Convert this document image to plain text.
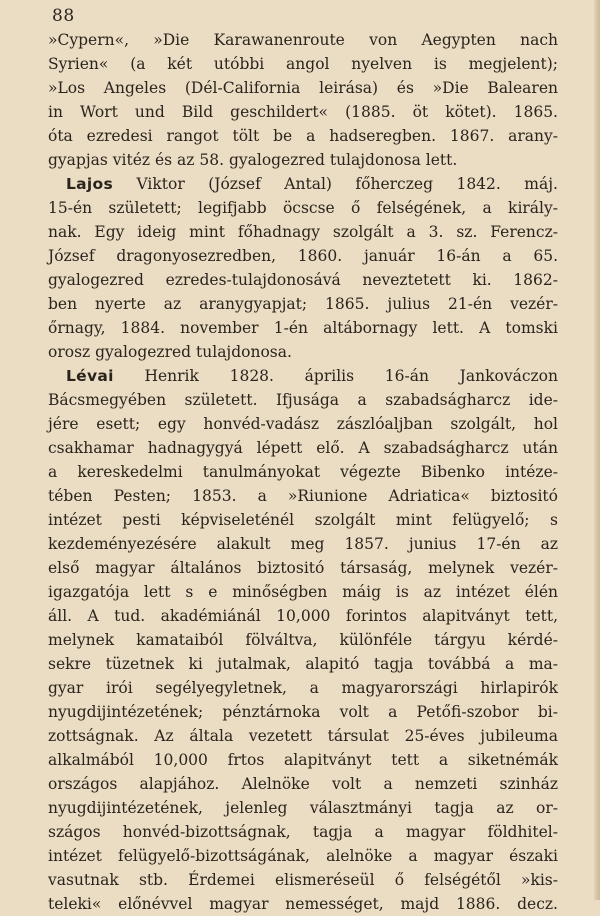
88
»Cypern«, »Die Karawanenroute von Aegypten nach
Syrien« (a két utóbbi angol nyelven is megjelent);
»Los Angeles (Dél-California leirása) és »Die Balearen
in Wort und Bild geschildert« (1885. öt kötet). 1865.
óta ezredesi rangot tölt be a hadseregben. 1867. arany-
gyapjas vitéz és az 58. gyalogezred tulajdonosa lett.
Lajos Viktor (József Antal) főherczeg 1842. máj.
15-én született; legifjabb öcscse ő felségének, a király-
nak. Egy ideig mint főhadnagy szolgált a 3. sz. Ferencz-
József dragonyosezredben, 1860. január 16-án a 65.
gyalogezred ezredes-tulajdonosává neveztetett ki. 1862-
ben nyerte az aranygyapjat; 1865. julius 21-én vezér-
őrnagy, 1884. november 1-én altábornagy lett. A tomski
orosz gyalogezred tulajdonosa.
Lévai Henrik 1828. április 16-án Jankováczon
Bácsmegyében született. Ifjusága a szabadságharcz ide-
jére esett; egy honvéd-vadász zászlóaljban szolgált, hol
csakhamar hadnagygyá lépett elő. A szabadságharcz után
a kereskedelmi tanulmányokat végezte Bibenko intéze-
tében Pesten; 1853. a »Riunione Adriatica« biztositó
intézet pesti képviseleténél szolgált mint felügyelő; s
kezdeményezésére alakult meg 1857. junius 17-én az
első magyar általános biztositó társaság, melynek vezér-
igazgatója lett s e minőségben máig is az intézet élén
áll. A tud. akadémiánál 10,000 forintos alapitványt tett,
melynek kamataiból fölváltva, különféle tárgyu kérdé-
sekre tüzetnek ki jutalmak, alapitó tagja továbbá a ma-
gyar irói segélyegyletnek, a magyarországi hirlapirók
nyugdijintézetének; pénztárnoka volt a Petőfi-szobor bi-
zottságnak. Az általa vezetett társulat 25-éves jubileuma
alkalmából 10,000 frtos alapitványt tett a siketnémák
országos alapjához. Alelnöke volt a nemzeti szinház
nyugdijintézetének, jelenleg választmányi tagja az or-
szágos honvéd-bizottságnak, tagja a magyar földhitel-
intézet felügyelő-bizottságának, alelnöke a magyar északi
vasutnak stb. Érdemei elismeréseül ő felségétől »kis-
teleki« előnévvel magyar nemességet, majd 1886. decz.
